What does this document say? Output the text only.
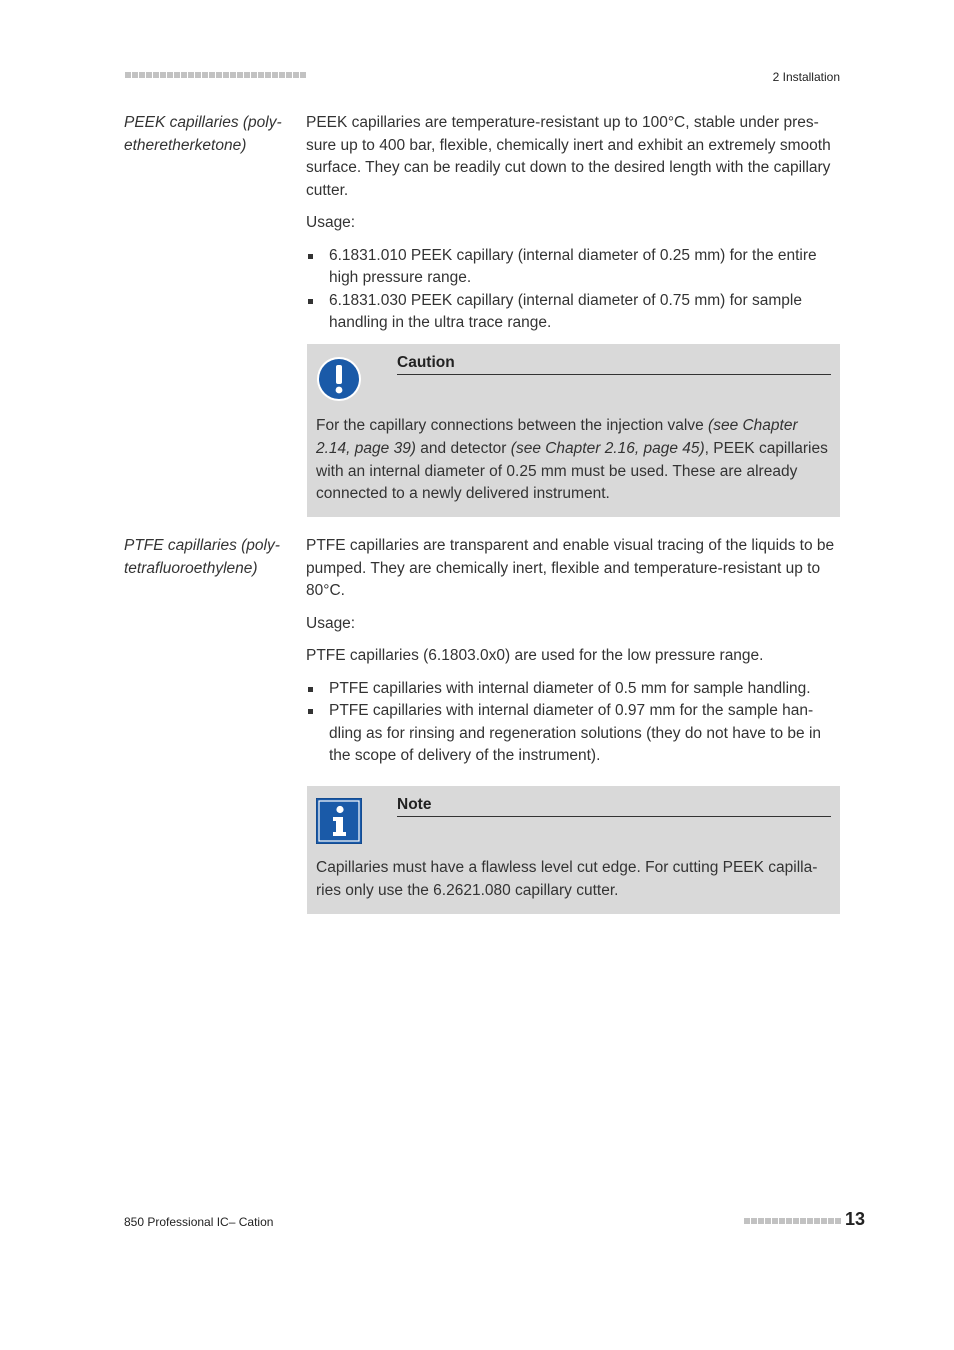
2 Installation
PEEK capillaries (poly-etheretherketone)

PEEK capillaries are temperature-resistant up to 100°C, stable under pres-sure up to 400 bar, flexible, chemically inert and exhibit an extremely smooth surface. They can be readily cut down to the desired length with the capillary cutter.

Usage:

6.1831.010 PEEK capillary (internal diameter of 0.25 mm) for the entire high pressure range.
6.1831.030 PEEK capillary (internal diameter of 0.75 mm) for sample handling in the ultra trace range.
Caution
For the capillary connections between the injection valve (see Chapter 2.14, page 39) and detector (see Chapter 2.16, page 45), PEEK capillaries with an internal diameter of 0.25 mm must be used. These are already connected to a newly delivered instrument.
PTFE capillaries (poly-tetrafluoroethylene)

PTFE capillaries are transparent and enable visual tracing of the liquids to be pumped. They are chemically inert, flexible and temperature-resistant up to 80°C.

Usage:

PTFE capillaries (6.1803.0x0) are used for the low pressure range.

PTFE capillaries with internal diameter of 0.5 mm for sample handling.
PTFE capillaries with internal diameter of 0.97 mm for the sample han-dling as for rinsing and regeneration solutions (they do not have to be in the scope of delivery of the instrument).
Note
Capillaries must have a flawless level cut edge. For cutting PEEK capilla-ries only use the 6.2621.080 capillary cutter.
850 Professional IC– Cation	13
